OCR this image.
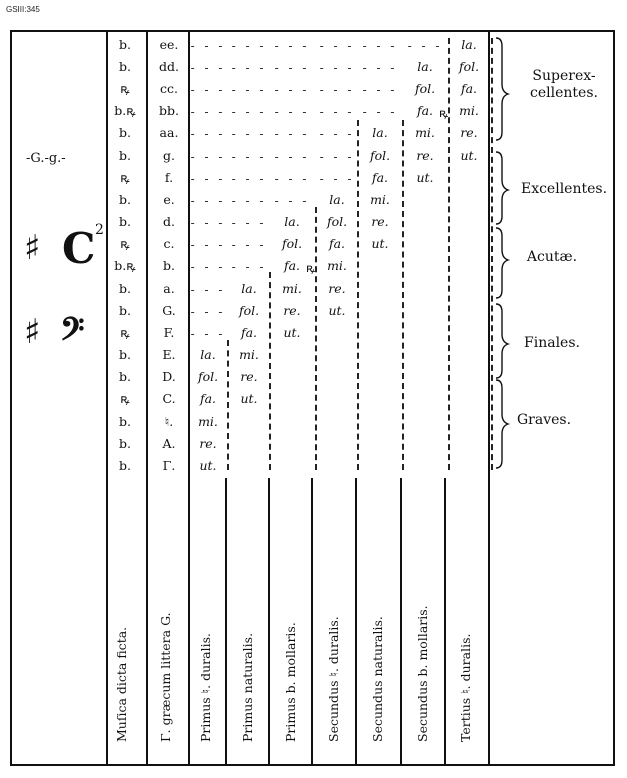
GSIII:345
-G.-g.-
♯ C 2
♯ 𝄢
b.
b.
ꝶ
b.ꝶ
b.
b.
ꝶ
b.
b.
ꝶ
b.ꝶ
b.
b.
ꝶ
b.
b.
ꝶ
b.
b.
b.
ee.
dd.
cc.
bb.
aa.
g.
f.
e.
d.
c.
b.
a.
G.
F.
E.
D.
C.
♮.
A.
Γ.
la.
fol.
fa.
mi.
re.
ut.
la.
fol.
fa.
mi.
re.
ut.
la.
fol.
fa.
mi.
re.
ut.
la.
fol.
fa.
mi.
re.
ut.
la.
fol.
fa.
mi.
re.
ut.
la.
fol.
fa.
mi.
re.
ut.
la.
fol.
fa.
mi.
re.
ut.
ꝶ
ꝶ
- - -
- - -
- - -
- - -
- - -
- - -
- - -
- - -
- - -
- - -
- - -
- - -
- - -
- - -
- - -
- - -
- - -
- - -
- - -
- - -
- - -
- - -
- - -
- - -
- - -
- - -
- - -
- - -
- - -
- - -
- - -
- - -
- - -
- - -
- - -
- - -
- - -
- - -
- - -
- - -
- - -
- - -
- - -
- - -
- - -
Superex-
cellentes.
Excellentes.
Acutæ.
Finales.
Graves.
Muſica dicta ficta. Γ. græcum littera G. Primus ♮. duralis. Primus naturalis. Primus b. mollaris. Secundus ♮. duralis. Secundus naturalis. Secundus b. mollaris. Tertius ♮. duralis.
